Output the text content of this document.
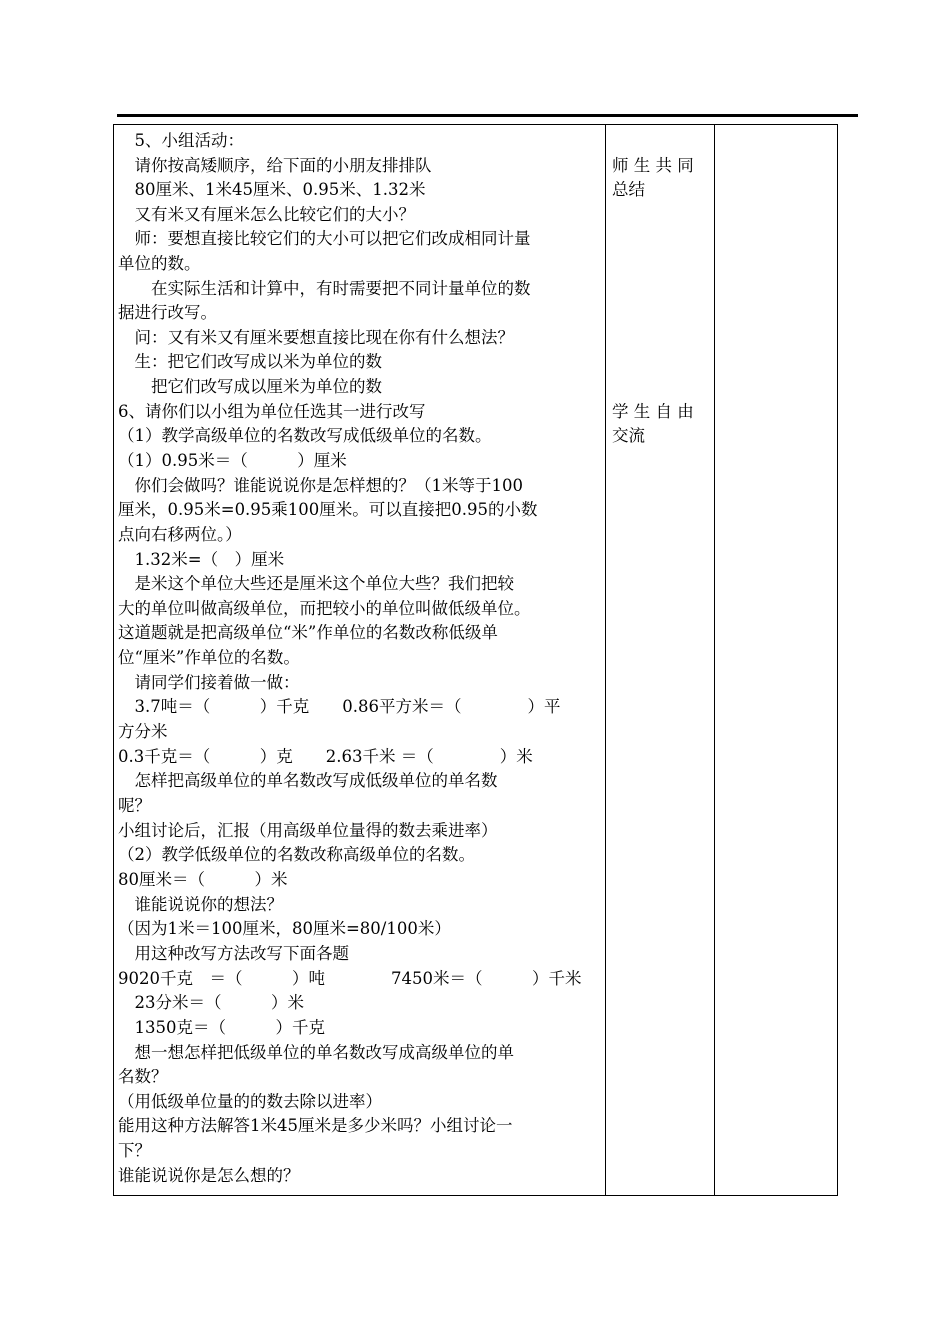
　5、小组活动：
　请你按高矮顺序，给下面的小朋友排排队
　80厘米、1米45厘米、0.95米、1.32米
　又有米又有厘米怎么比较它们的大小？
　师：要想直接比较它们的大小可以把它们改成相同计量
单位的数。
　　在实际生活和计算中，有时需要把不同计量单位的数
据进行改写。
　问：又有米又有厘米要想直接比现在你有什么想法？
　生：把它们改写成以米为单位的数
　　把它们改写成以厘米为单位的数
6、请你们以小组为单位任选其一进行改写
（1）教学高级单位的名数改写成低级单位的名数。
（1）0.95米＝（　　　）厘米
　你们会做吗？谁能说说你是怎样想的？（1米等于100
厘米，0.95米=0.95乘100厘米。可以直接把0.95的小数
点向右移两位。）
　1.32米=（　）厘米
　是米这个单位大些还是厘米这个单位大些？我们把较
大的单位叫做高级单位，而把较小的单位叫做低级单位。
这道题就是把高级单位“米”作单位的名数改称低级单
位“厘米”作单位的名数。
　请同学们接着做一做：
　3.7吨＝（　　　）千克　　0.86平方米＝（　　　　）平
方分米
0.3千克＝（　　　）克　　2.63千米 ＝（　　　　）米
　怎样把高级单位的单名数改写成低级单位的单名数
呢？
小组讨论后，汇报（用高级单位量得的数去乘进率）
（2）教学低级单位的名数改称高级单位的名数。
80厘米＝（　　　）米
　谁能说说你的想法？
（因为1米＝100厘米，80厘米=80/100米）
　用这种改写方法改写下面各题
9020千克　＝（　　　）吨　　　　7450米＝（　　　）千米
　23分米＝（　　　）米
　1350克＝（　　　）千克
　想一想怎样把低级单位的单名数改写成高级单位的单
名数？
（用低级单位量的的数去除以进率）
能用这种方法解答1米45厘米是多少米吗？小组讨论一
下？
谁能说说你是怎么想的？
师 生 共 同
总结
学 生 自 由
交流
